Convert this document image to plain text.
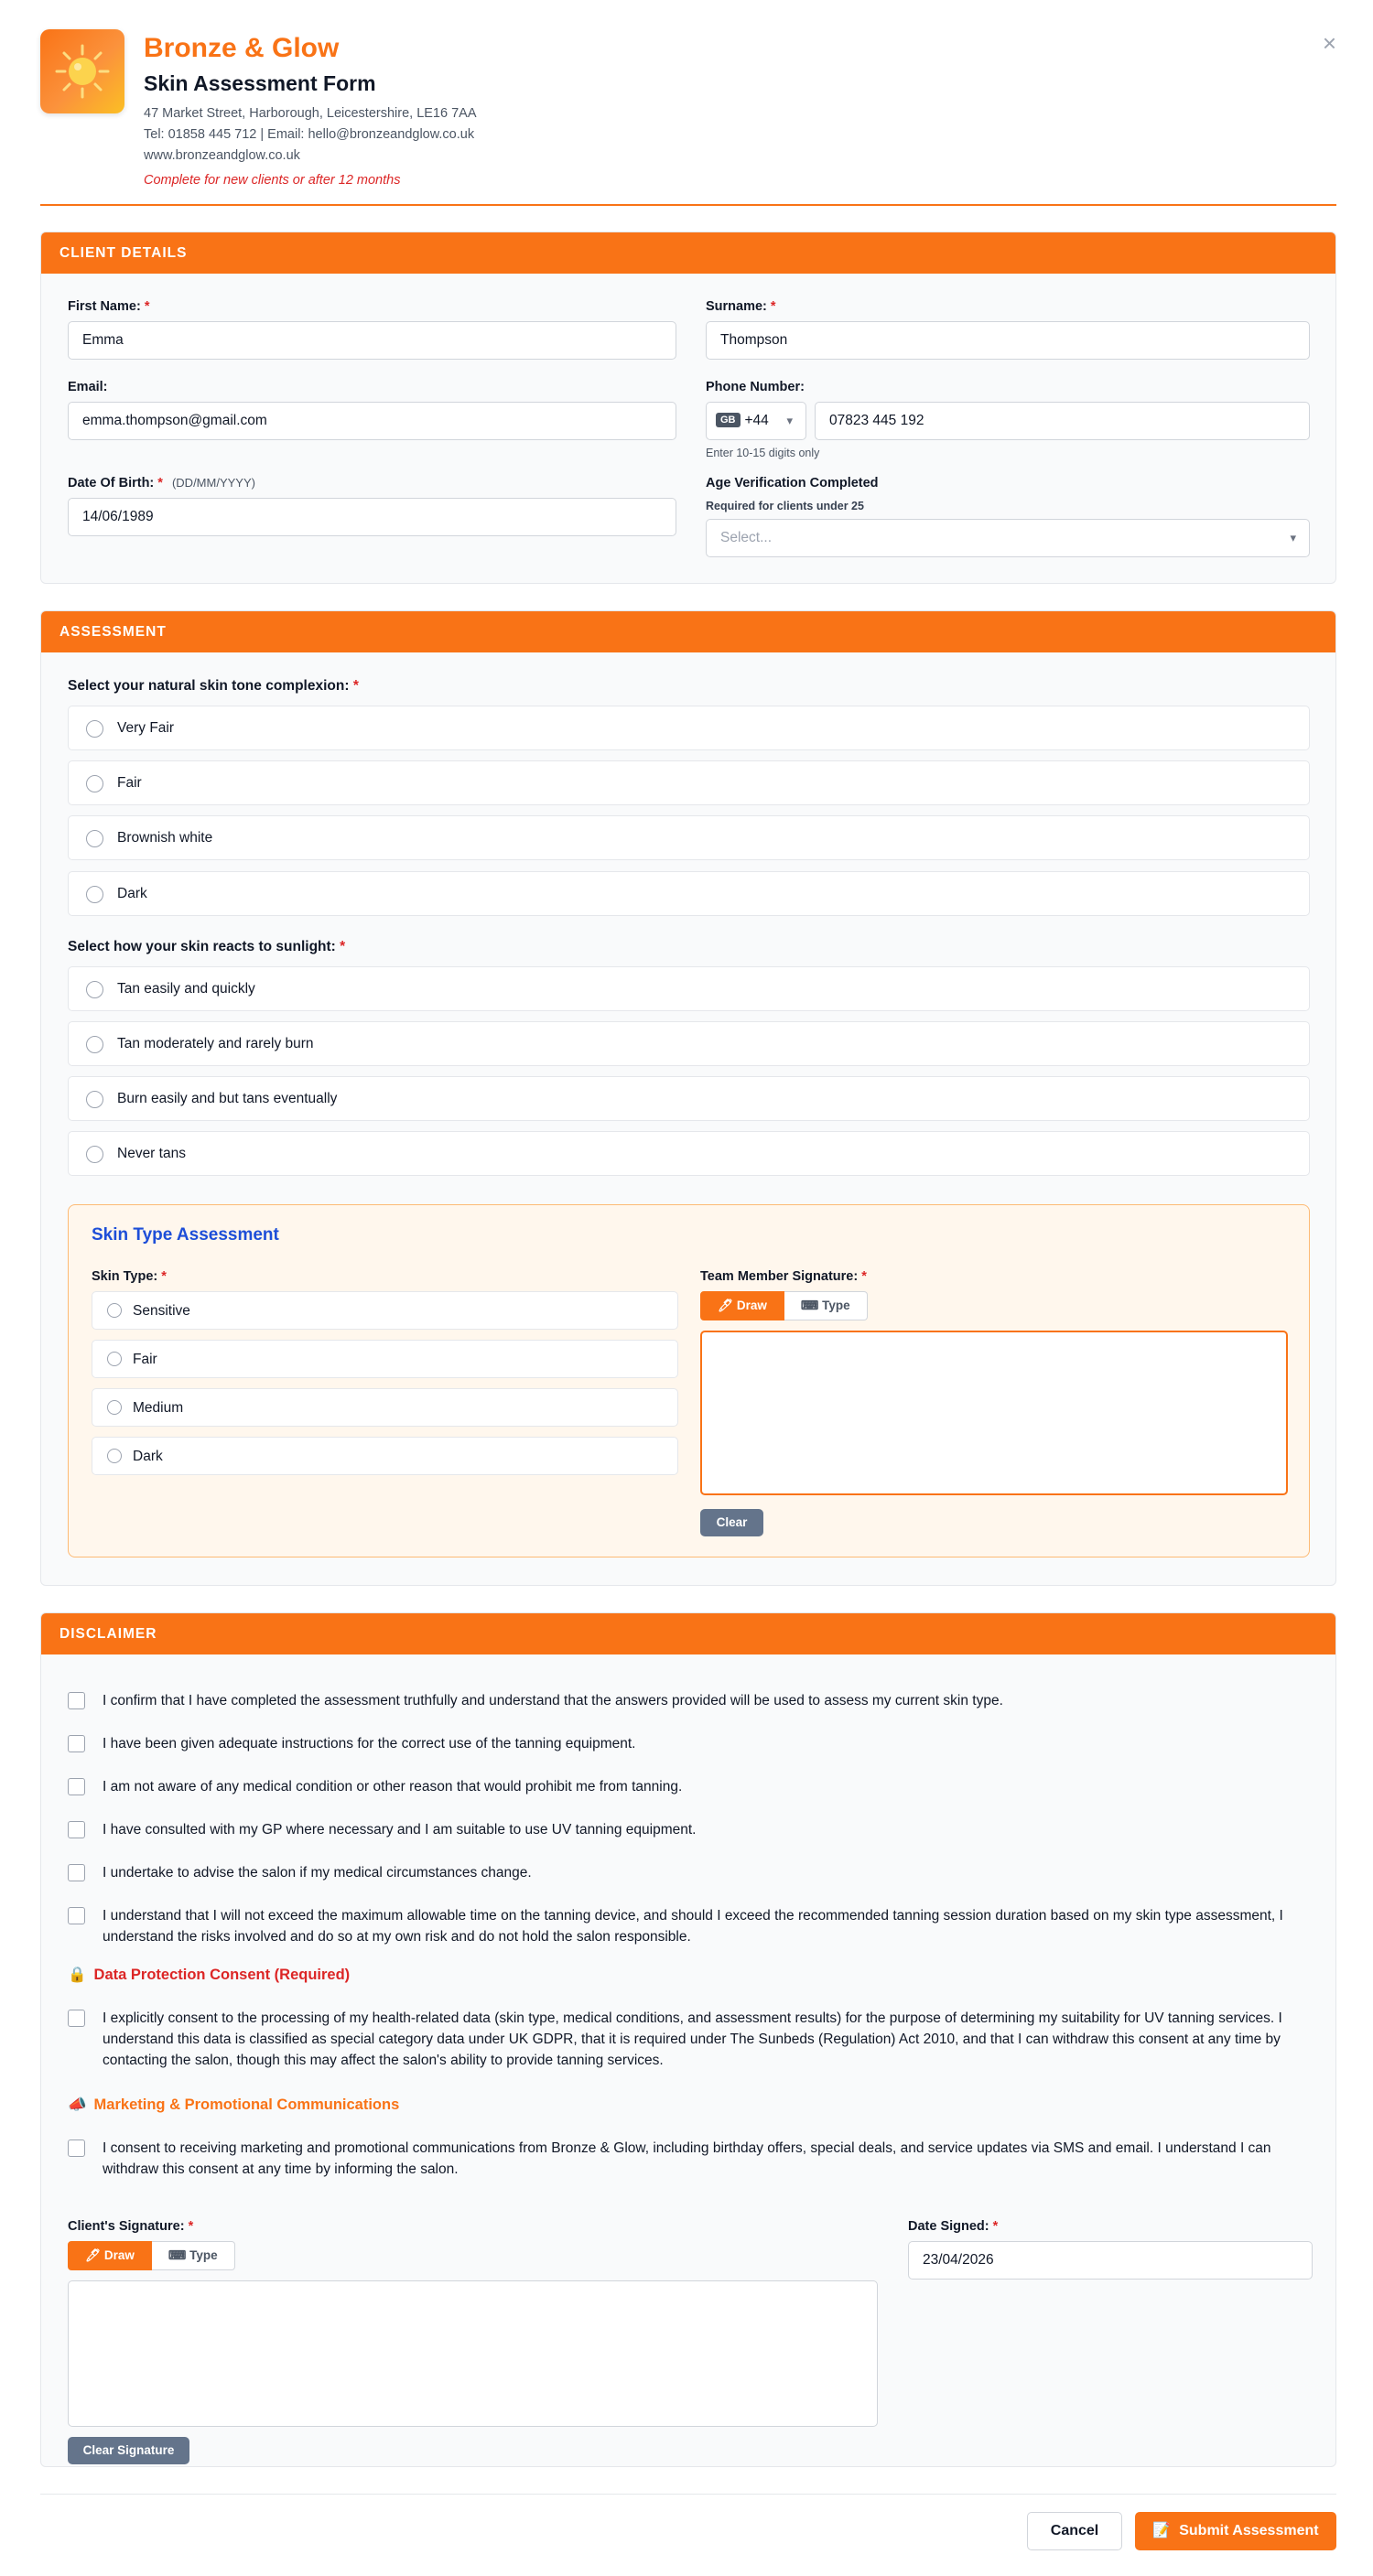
Bronze & Glow
Skin Assessment Form
47 Market Street, Harborough, Leicestershire, LE16 7AA
Tel: 01858 445 712 | Email: hello@bronzeandglow.co.uk
www.bronzeandglow.co.uk
Complete for new clients or after 12 months
×
CLIENT DETAILS
First Name: *
Emma
Surname: *
Thompson
Email:
emma.thompson@gmail.com
Phone Number:
GB +44 ▾	07823 445 192
Enter 10-15 digits only
Date Of Birth: * (DD/MM/YYYY)
14/06/1989
Age Verification Completed
Required for clients under 25
Select...	▾
ASSESSMENT
Select your natural skin tone complexion: *
Very Fair
Fair
Brownish white
Dark
Select how your skin reacts to sunlight: *
Tan easily and quickly
Tan moderately and rarely burn
Burn easily and but tans eventually
Never tans
Skin Type Assessment
Skin Type: *
Sensitive
Fair
Medium
Dark
Team Member Signature: *
🖊 Draw	⌨ Type
Clear
DISCLAIMER
I confirm that I have completed the assessment truthfully and understand that the answers provided will be used to assess my current skin type.
I have been given adequate instructions for the correct use of the tanning equipment.
I am not aware of any medical condition or other reason that would prohibit me from tanning.
I have consulted with my GP where necessary and I am suitable to use UV tanning equipment.
I undertake to advise the salon if my medical circumstances change.
I understand that I will not exceed the maximum allowable time on the tanning device, and should I exceed the recommended tanning session duration based on my skin type assessment, I understand the risks involved and do so at my own risk and do not hold the salon responsible.
🔒 Data Protection Consent (Required)
I explicitly consent to the processing of my health-related data (skin type, medical conditions, and assessment results) for the purpose of determining my suitability for UV tanning services. I understand this data is classified as special category data under UK GDPR, that it is required under The Sunbeds (Regulation) Act 2010, and that I can withdraw this consent at any time by contacting the salon, though this may affect the salon's ability to provide tanning services.
📣 Marketing & Promotional Communications
I consent to receiving marketing and promotional communications from Bronze & Glow, including birthday offers, special deals, and service updates via SMS and email. I understand I can withdraw this consent at any time by informing the salon.
Client's Signature: *
🖊 Draw	⌨ Type
Clear Signature
Date Signed: *
23/04/2026
Cancel	📝 Submit Assessment
